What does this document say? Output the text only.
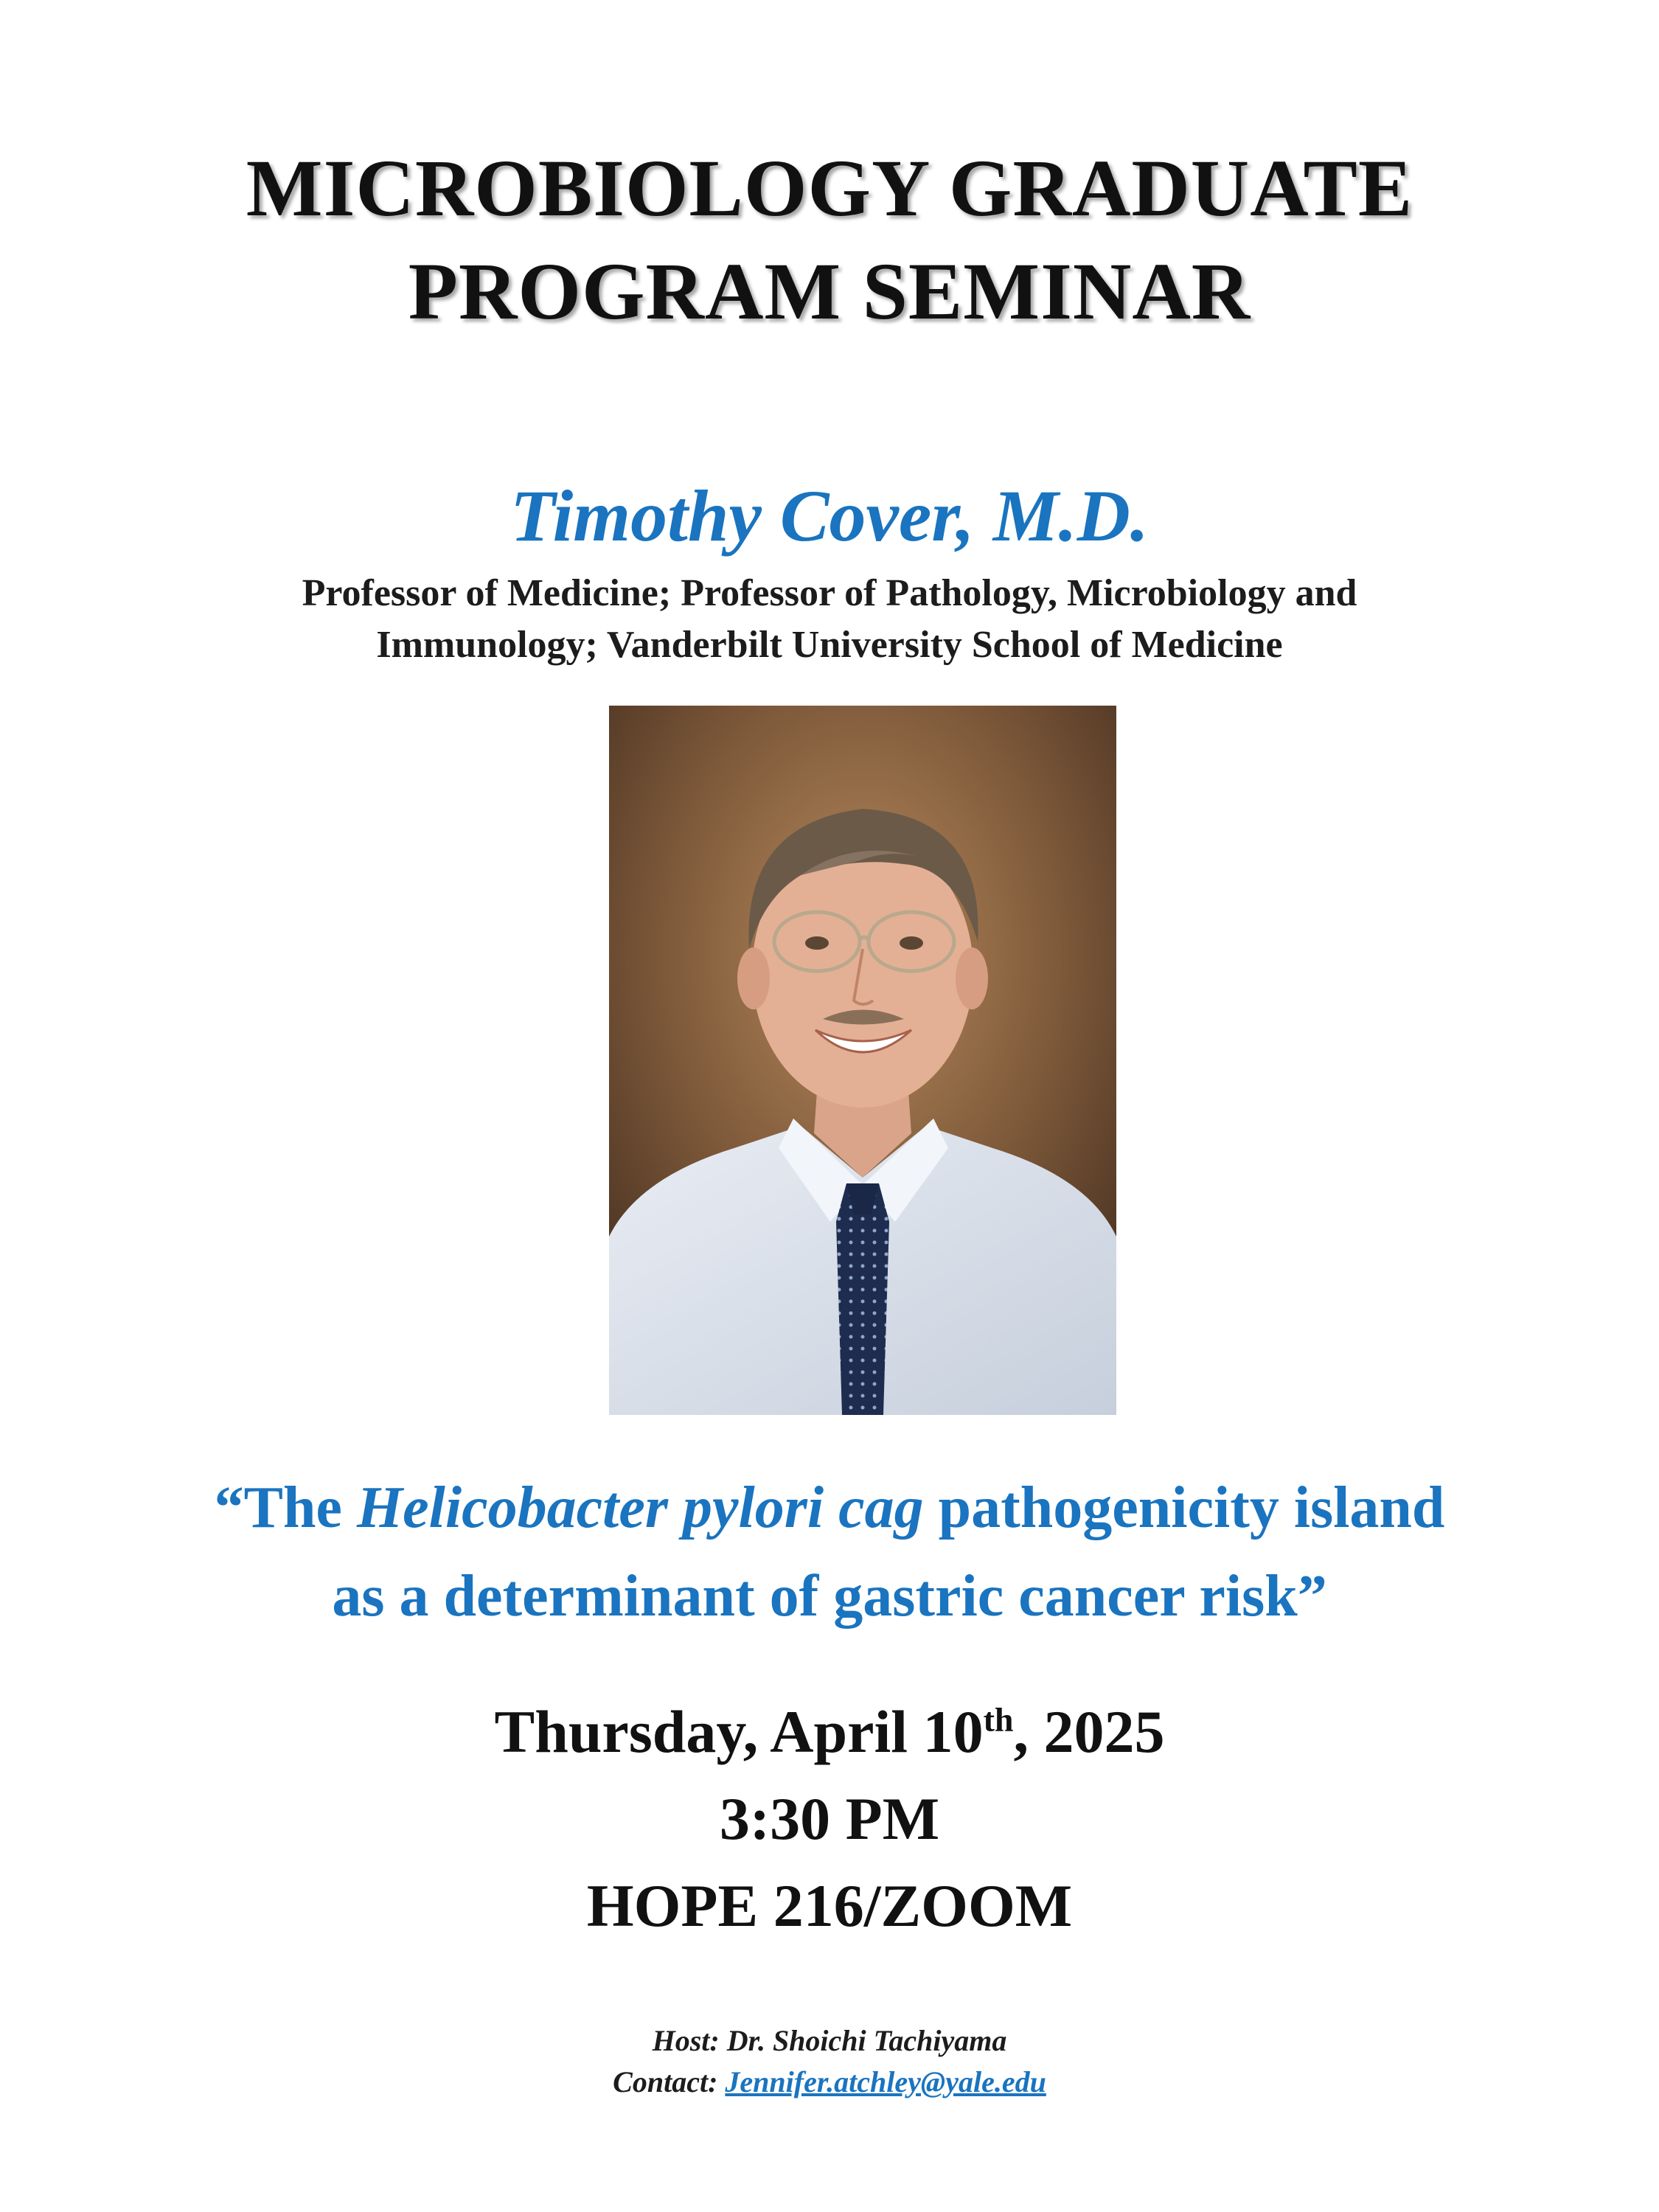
MICROBIOLOGY GRADUATE
PROGRAM SEMINAR
Timothy Cover, M.D.
Professor of Medicine; Professor of Pathology, Microbiology and
Immunology; Vanderbilt University School of Medicine
“The Helicobacter pylori cag pathogenicity island
as a determinant of gastric cancer risk”
Thursday, April 10th, 2025
3:30 PM
HOPE 216/ZOOM
Host: Dr. Shoichi Tachiyama
Contact: Jennifer.atchley@yale.edu
